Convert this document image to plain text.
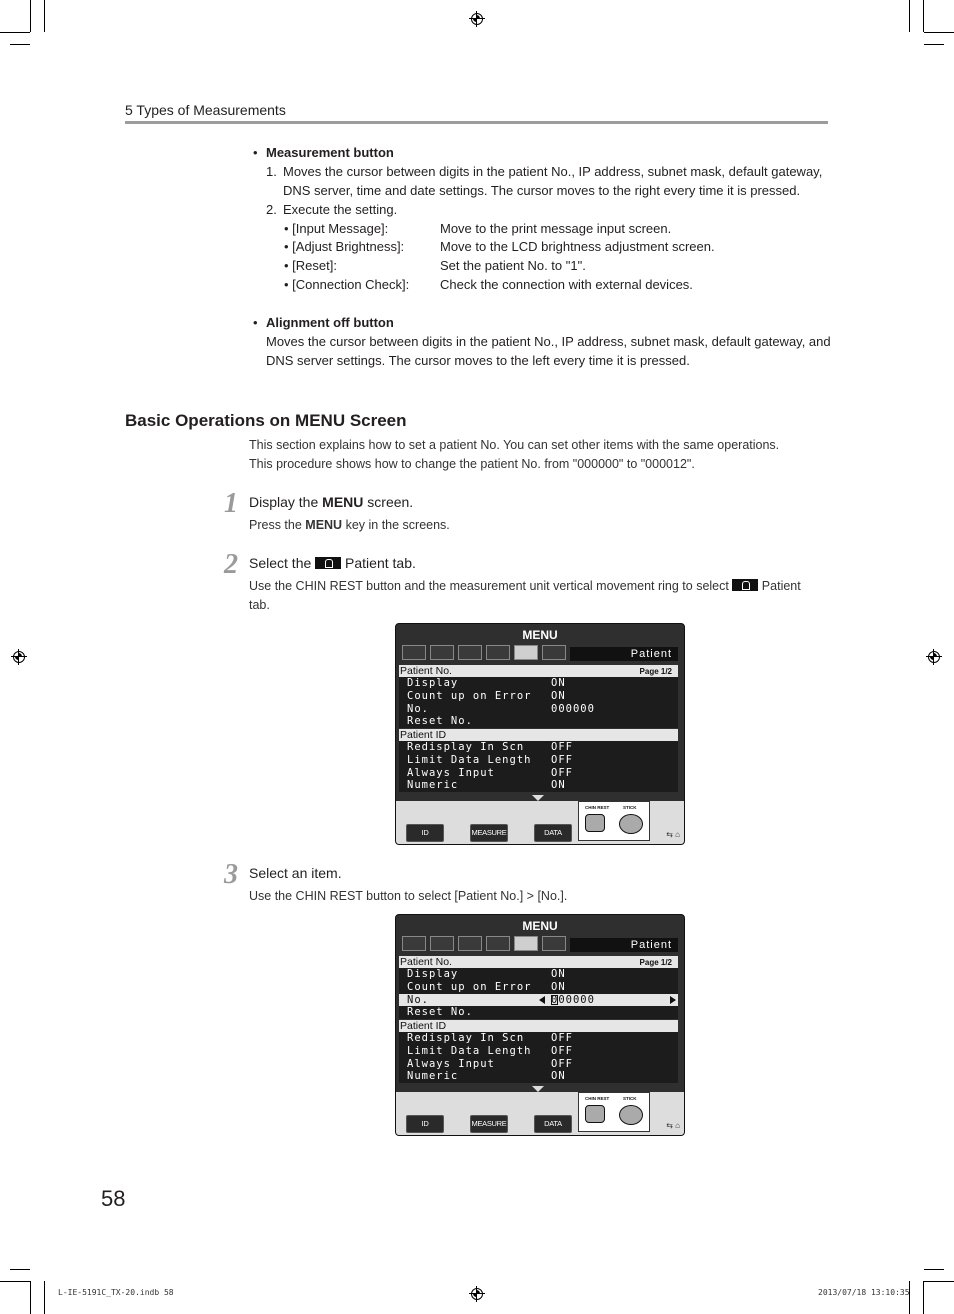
5 Types of Measurements
• Measurement button
1. Moves the cursor between digits in the patient No., IP address, subnet mask, default gateway,
DNS server, time and date settings. The cursor moves to the right every time it is pressed.
2. Execute the setting.
• [Input Message]:	Move to the print message input screen.
• [Adjust Brightness]:	Move to the LCD brightness adjustment screen.
• [Reset]:	Set the patient No. to "1".
• [Connection Check]: Check the connection with external devices.
• Alignment off button
Moves the cursor between digits in the patient No., IP address, subnet mask, default gateway, and
DNS server settings. The cursor moves to the left every time it is pressed.
Basic Operations on MENU Screen
This section explains how to set a patient No. You can set other items with the same operations.
This procedure shows how to change the patient No. from "000000" to "000012".
1 Display the MENU screen.
Press the MENU key in the screens.
2 Select the  Patient tab.
Use the CHIN REST button and the measurement unit vertical movement ring to select  Patient
tab.
MENU
Patient
Patient No.	Page 1/2
Display	ON
Count up on Error ON
No.	000000
Reset No.
Patient ID
Redisplay In Scn	OFF
Limit Data Length OFF
Always Input	OFF
Numeric	ON
ID	MEASURE	DATA
CHIN REST	STICK
⇆ ⌂
3 Select an item.
Use the CHIN REST button to select [Patient No.] > [No.].
MENU
Patient
Patient No.	Page 1/2
Display	ON
Count up on Error ON
No.	000000
Reset No.
Patient ID
Redisplay In Scn	OFF
Limit Data Length OFF
Always Input	OFF
Numeric	ON
ID	MEASURE	DATA
CHIN REST	STICK
⇆ ⌂
58
L-IE-5191C_TX-20.indb 58	2013/07/18 13:10:35
